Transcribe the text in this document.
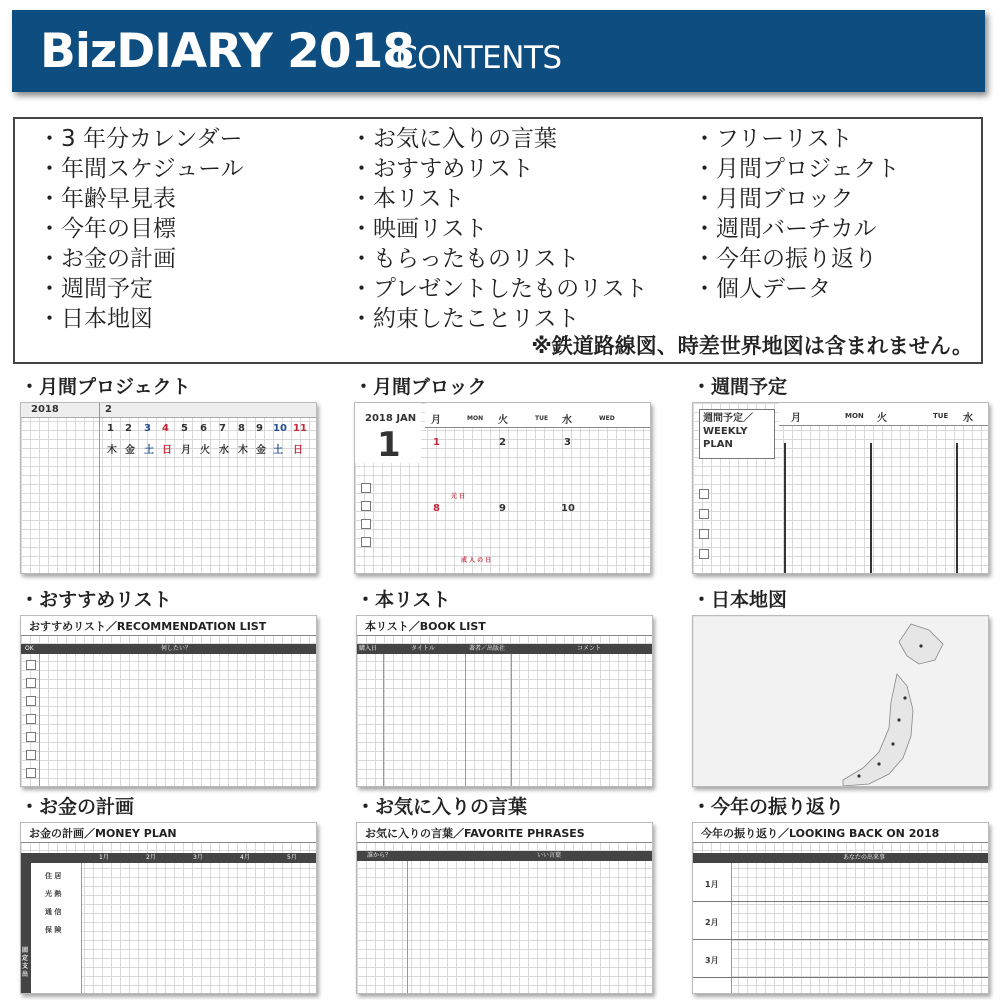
BizDIARY 2018
CONTENTS
・3 年分カレンダー
・年間スケジュール
・年齢早見表
・今年の目標
・お金の計画
・週間予定
・日本地図
・お気に入りの言葉
・おすすめリスト
・本リスト
・映画リスト
・もらったものリスト
・プレゼントしたものリスト
・約束したことリスト
・フリーリスト
・月間プロジェクト
・月間ブロック
・週間バーチカル
・今年の振り返り
・個人データ
※鉄道路線図、時差世界地図は含まれません。
・月間プロジェクト
2018	2
1 2 3 4 5 6 7 8 9 10 11
木 金 土 日 月 火 水 木 金 土 日
・月間ブロック
2018 JAN
1
月	MON 火	TUE 水	WED
1	2	3
8	9	10
元 日
成 人 の 日
・週間予定
週間予定／WEEKLY PLAN
月	MON 火	TUE 水
・おすすめリスト
おすすめリスト／RECOMMENDATION LIST
OK	何したい？
・本リスト
本リスト／BOOK LIST
購入日	タイトル	著者／出版社	コメント
・日本地図
・お金の計画
お金の計画／MONEY PLAN
1月	2月	3月	4月	5月
固定支出
住 居
光 熱
通 信
保 険
・お気に入りの言葉
お気に入りの言葉／FAVORITE PHRASES
誰から？	いい言葉
・今年の振り返り
今年の振り返り／LOOKING BACK ON 2018
あなたの出来事
1月
2月
3月
